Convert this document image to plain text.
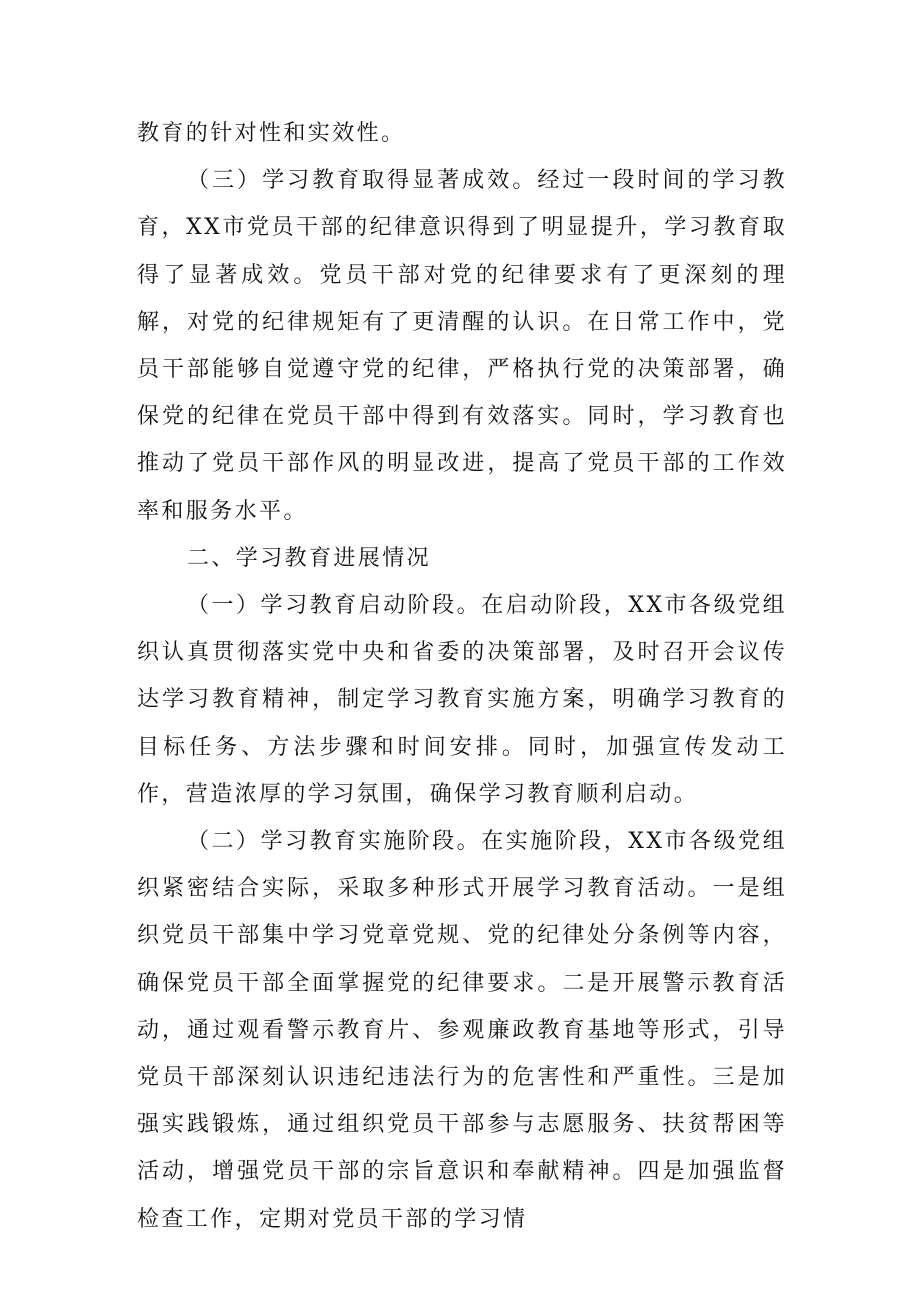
教育的针对性和实效性。

（三）学习教育取得显著成效。经过一段时间的学习教育，XX市党员干部的纪律意识得到了明显提升，学习教育取得了显著成效。党员干部对党的纪律要求有了更深刻的理解，对党的纪律规矩有了更清醒的认识。在日常工作中，党员干部能够自觉遵守党的纪律，严格执行党的决策部署，确保党的纪律在党员干部中得到有效落实。同时，学习教育也推动了党员干部作风的明显改进，提高了党员干部的工作效率和服务水平。

二、学习教育进展情况

（一）学习教育启动阶段。在启动阶段，XX市各级党组织认真贯彻落实党中央和省委的决策部署，及时召开会议传达学习教育精神，制定学习教育实施方案，明确学习教育的目标任务、方法步骤和时间安排。同时，加强宣传发动工作，营造浓厚的学习氛围，确保学习教育顺利启动。

（二）学习教育实施阶段。在实施阶段，XX市各级党组织紧密结合实际，采取多种形式开展学习教育活动。一是组织党员干部集中学习党章党规、党的纪律处分条例等内容，确保党员干部全面掌握党的纪律要求。二是开展警示教育活动，通过观看警示教育片、参观廉政教育基地等形式，引导党员干部深刻认识违纪违法行为的危害性和严重性。三是加强实践锻炼，通过组织党员干部参与志愿服务、扶贫帮困等活动，增强党员干部的宗旨意识和奉献精神。四是加强监督检查工作，定期对党员干部的学习情
